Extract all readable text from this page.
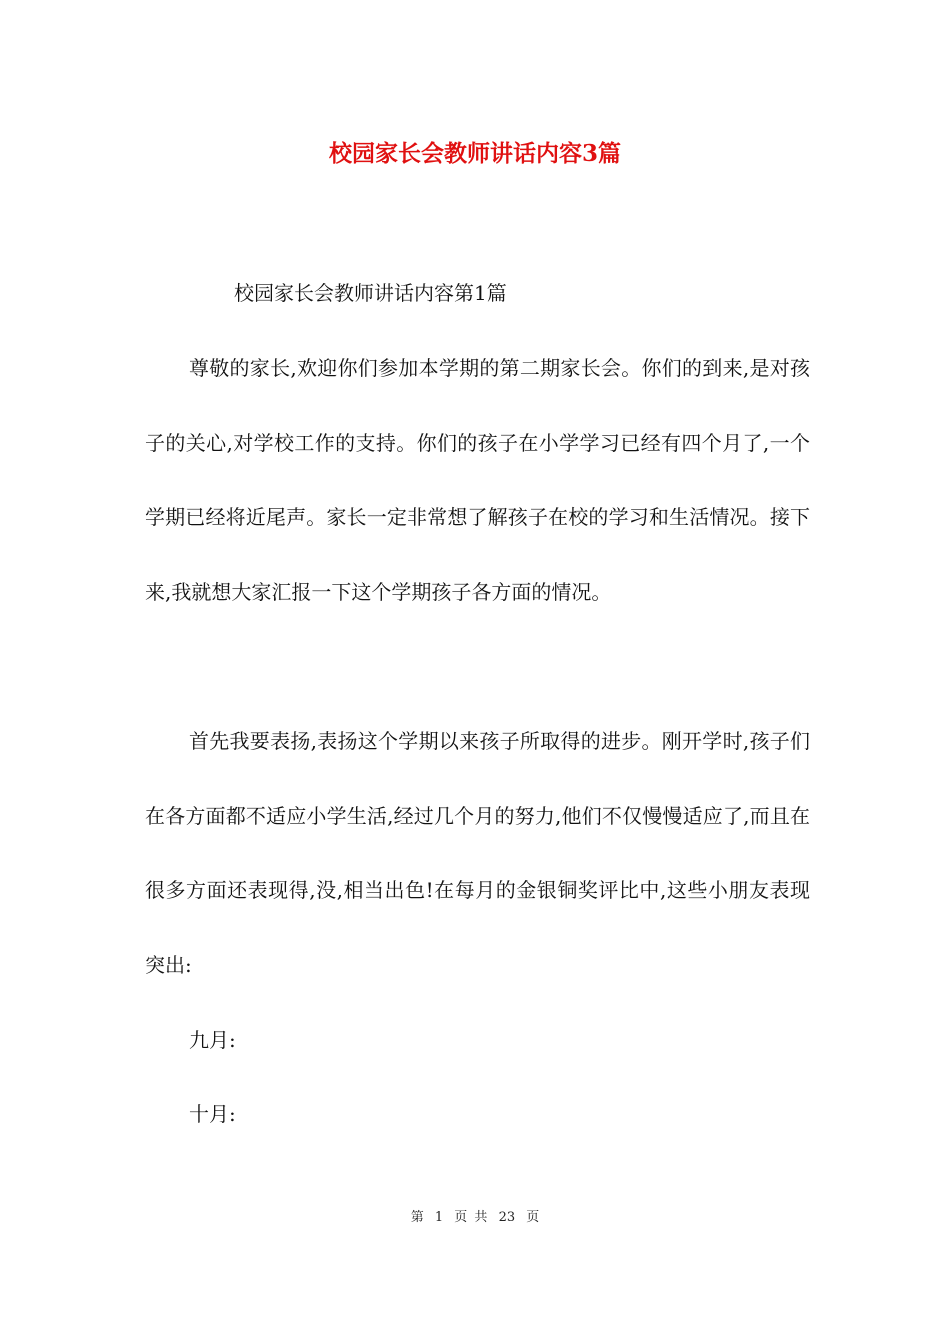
校园家长会教师讲话内容3篇

校园家长会教师讲话内容第1篇

尊敬的家长,欢迎你们参加本学期的第二期家长会。你们的到来,是对孩子的关心,对学校工作的支持。你们的孩子在小学学习已经有四个月了,一个学期已经将近尾声。家长一定非常想了解孩子在校的学习和生活情况。接下来,我就想大家汇报一下这个学期孩子各方面的情况。

首先我要表扬,表扬这个学期以来孩子所取得的进步。刚开学时,孩子们在各方面都不适应小学生活,经过几个月的努力,他们不仅慢慢适应了,而且在很多方面还表现得,没,相当出色!在每月的金银铜奖评比中,这些小朋友表现突出:

九月:

十月:

第 1 页 共 23 页
